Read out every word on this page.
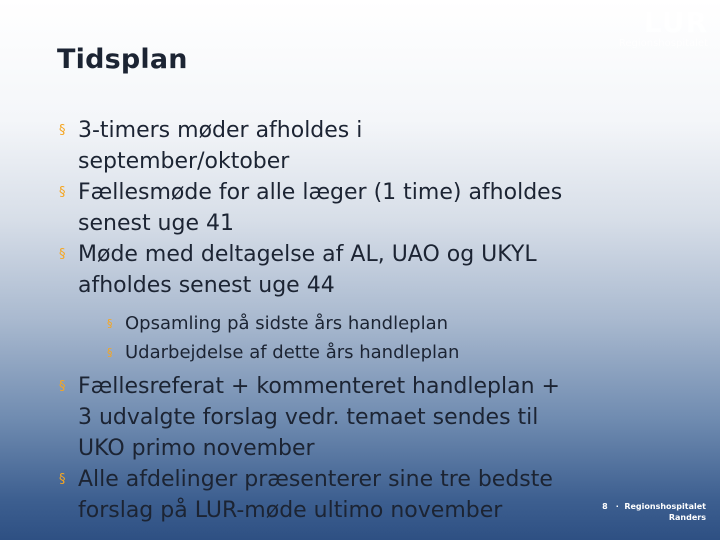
LUR
Regionshospitalet
Tidsplan
§ 3-timers møder afholdes i
september/oktober
§ Fællesmøde for alle læger (1 time) afholdes
senest uge 41
§ Møde med deltagelse af AL, UAO og UKYL
afholdes senest uge 44
§ Opsamling på sidste års handleplan
§ Udarbejdelse af dette års handleplan
§ Fællesreferat + kommenteret handleplan +
3 udvalgte forslag vedr. temaet sendes til
UKO primo november
§ Alle afdelinger præsenterer sine tre bedste
forslag på LUR-møde ultimo november	8 · Regionshospitalet
Randers
